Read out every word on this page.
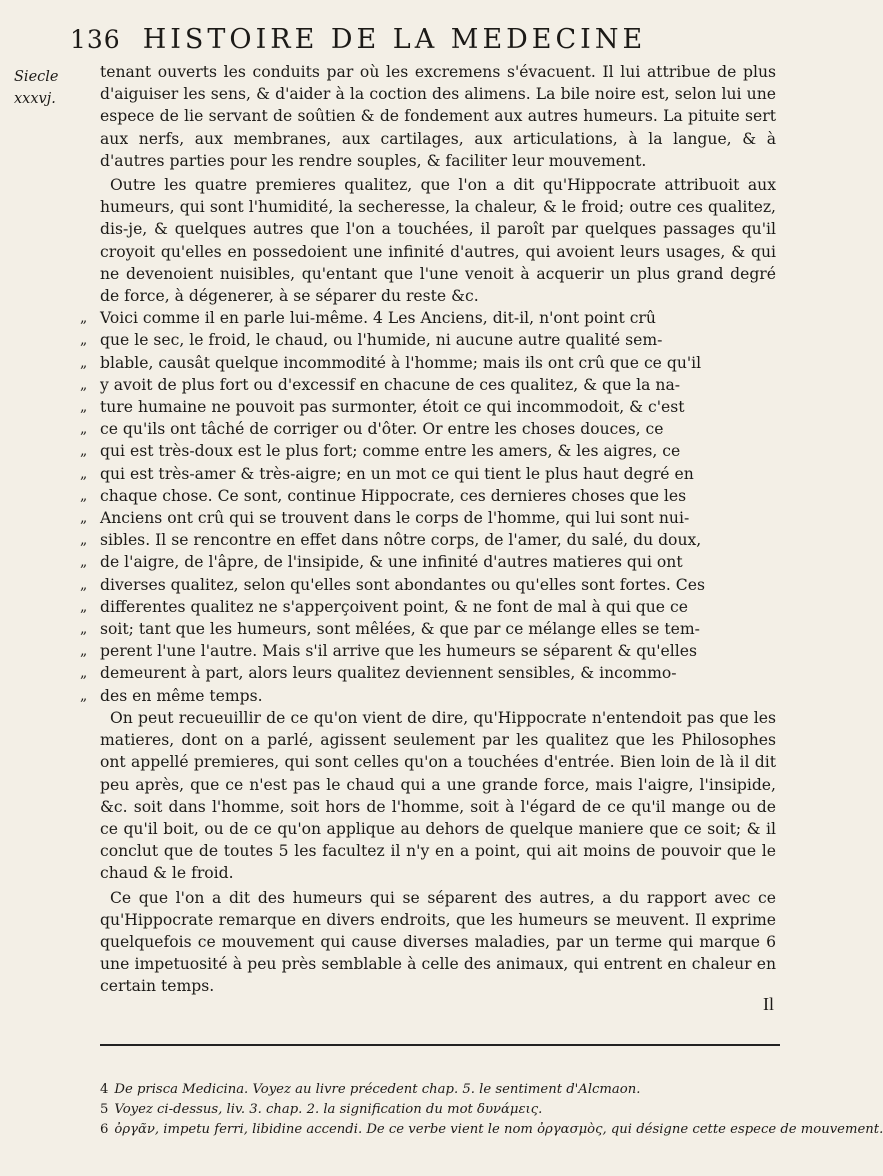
136 HISTOIRE DE LA MEDECINE
Siecle
xxxvj.

tenant ouverts les conduits par où les excremens s'évacuent. Il lui attribue de plus d'aiguiser les sens, & d'aider à la coction des alimens. La bile noire est, selon lui une espece de lie servant de soûtien & de fondement aux autres humeurs. La pituite sert aux nerfs, aux membranes, aux cartilages, aux articulations, à la langue, & à d'autres parties pour les rendre souples, & faciliter leur mouvement.

Outre les quatre premieres qualitez, que l'on a dit qu'Hippocrate attribuoit aux humeurs, qui sont l'humidité, la secheresse, la chaleur, & le froid; outre ces qualitez, dis-je, & quelques autres que l'on a touchées, il paroît par quelques passages qu'il croyoit qu'elles en possedoient une infinité d'autres, qui avoient leurs usages, & qui ne devenoient nuisibles, qu'entant que l'une venoit à acquerir un plus grand degré de force, à dégenerer, à se séparer du reste &c.

„ Voici comme il en parle lui-même. 4 Les Anciens, dit-il, n'ont point crû
„ que le sec, le froid, le chaud, ou l'humide, ni aucune autre qualité sem-
„ blable, causât quelque incommodité à l'homme; mais ils ont crû que ce qu'il
„ y avoit de plus fort ou d'excessif en chacune de ces qualitez, & que la na-
„ ture humaine ne pouvoit pas surmonter, étoit ce qui incommodoit, & c'est
„ ce qu'ils ont tâché de corriger ou d'ôter. Or entre les choses douces, ce
„ qui est très-doux est le plus fort; comme entre les amers, & les aigres, ce
„ qui est très-amer & très-aigre; en un mot ce qui tient le plus haut degré en
„ chaque chose. Ce sont, continue Hippocrate, ces dernieres choses que les
„ Anciens ont crû qui se trouvent dans le corps de l'homme, qui lui sont nui-
„ sibles. Il se rencontre en effet dans nôtre corps, de l'amer, du salé, du doux,
„ de l'aigre, de l'âpre, de l'insipide, & une infinité d'autres matieres qui ont
„ diverses qualitez, selon qu'elles sont abondantes ou qu'elles sont fortes. Ces
„ differentes qualitez ne s'apperçoivent point, & ne font de mal à qui que ce
„ soit; tant que les humeurs, sont mêlées, & que par ce mélange elles se tem-
„ perent l'une l'autre. Mais s'il arrive que les humeurs se séparent & qu'elles
„ demeurent à part, alors leurs qualitez deviennent sensibles, & incommo-
„ des en même temps.

On peut recueuillir de ce qu'on vient de dire, qu'Hippocrate n'entendoit pas que les matieres, dont on a parlé, agissent seulement par les qualitez que les Philosophes ont appellé premieres, qui sont celles qu'on a touchées d'entrée. Bien loin de là il dit peu après, que ce n'est pas le chaud qui a une grande force, mais l'aigre, l'insipide, &c. soit dans l'homme, soit hors de l'homme, soit à l'égard de ce qu'il mange ou de ce qu'il boit, ou de ce qu'on applique au dehors de quelque maniere que ce soit; & il conclut que de toutes 5 les facultez il n'y en a point, qui ait moins de pouvoir que le chaud & le froid.

Ce que l'on a dit des humeurs qui se séparent des autres, a du rapport avec ce qu'Hippocrate remarque en divers endroits, que les humeurs se meuvent. Il exprime quelquefois ce mouvement qui cause diverses maladies, par un terme qui marque 6 une impetuosité à peu près semblable à celle des animaux, qui entrent en chaleur en certain temps.

Il
4 De prisca Medicina. Voyez au livre précedent chap. 5. le sentiment d'Alcmaon.
5 Voyez ci-dessus, liv. 3. chap. 2. la signification du mot δυνάμεις.
6 ὀργᾶν, impetu ferri, libidine accendi. De ce verbe vient le nom ὀργασμὸς, qui désigne cette espece de mouvement.
